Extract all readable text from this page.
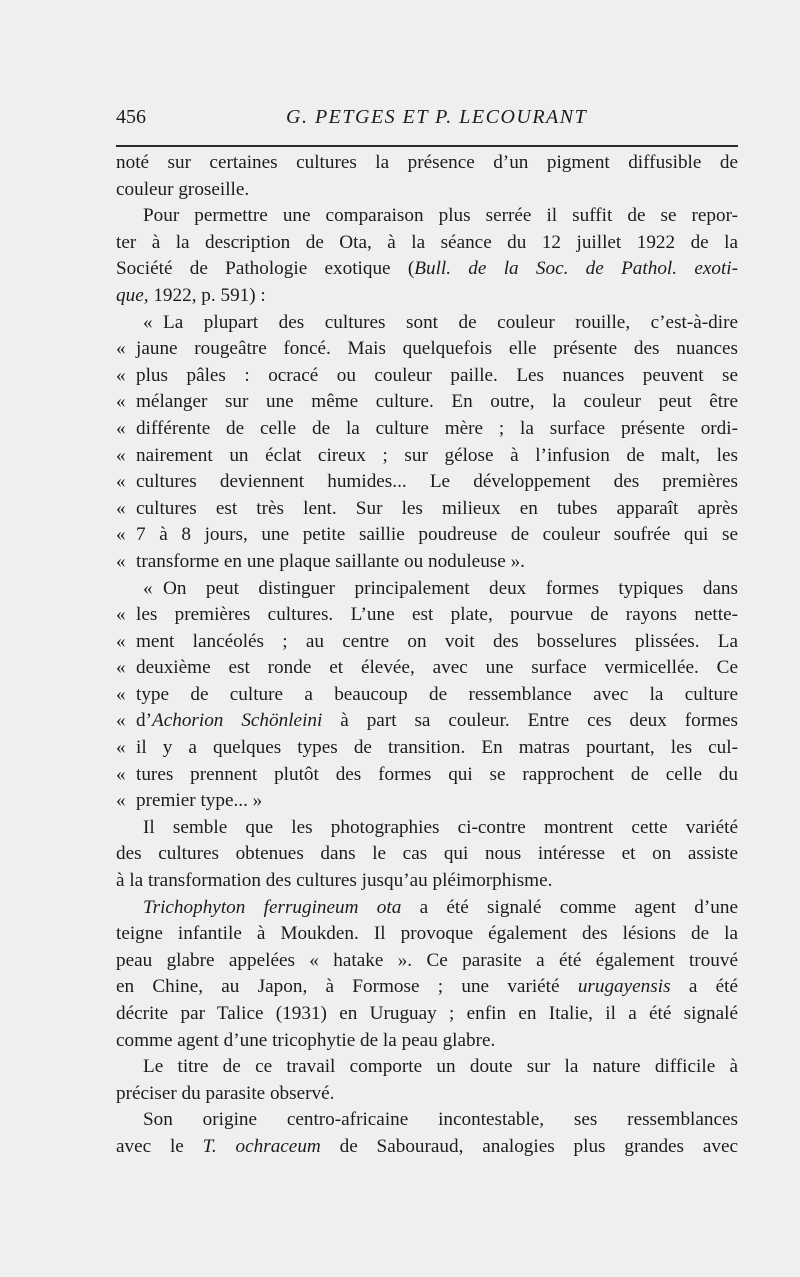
456	G. PETGES ET P. LECOURANT
noté sur certaines cultures la présence d’un pigment diffusible de
couleur groseille.
Pour permettre une comparaison plus serrée il suffit de se repor-
ter à la description de Ota, à la séance du 12 juillet 1922 de la
Société de Pathologie exotique (Bull. de la Soc. de Pathol. exoti-
que, 1922, p. 591) :
« La plupart des cultures sont de couleur rouille, c’est-à-dire
« jaune rougeâtre foncé. Mais quelquefois elle présente des nuances
« plus pâles : ocracé ou couleur paille. Les nuances peuvent se
« mélanger sur une même culture. En outre, la couleur peut être
« différente de celle de la culture mère ; la surface présente ordi-
« nairement un éclat cireux ; sur gélose à l’infusion de malt, les
« cultures deviennent humides... Le développement des premières
« cultures est très lent. Sur les milieux en tubes apparaît après
« 7 à 8 jours, une petite saillie poudreuse de couleur soufrée qui se
« transforme en une plaque saillante ou noduleuse ».
« On peut distinguer principalement deux formes typiques dans
« les premières cultures. L’une est plate, pourvue de rayons nette-
« ment lancéolés ; au centre on voit des bosselures plissées. La
« deuxième est ronde et élevée, avec une surface vermicellée. Ce
« type de culture a beaucoup de ressemblance avec la culture
« d’Achorion Schönleini à part sa couleur. Entre ces deux formes
« il y a quelques types de transition. En matras pourtant, les cul-
« tures prennent plutôt des formes qui se rapprochent de celle du
« premier type... »
Il semble que les photographies ci-contre montrent cette variété
des cultures obtenues dans le cas qui nous intéresse et on assiste
à la transformation des cultures jusqu’au pléimorphisme.
Trichophyton ferrugineum ota a été signalé comme agent d’une
teigne infantile à Moukden. Il provoque également des lésions de la
peau glabre appelées « hatake ». Ce parasite a été également trouvé
en Chine, au Japon, à Formose ; une variété urugayensis a été
décrite par Talice (1931) en Uruguay ; enfin en Italie, il a été signalé
comme agent d’une tricophytie de la peau glabre.
Le titre de ce travail comporte un doute sur la nature difficile à
préciser du parasite observé.
Son origine centro-africaine incontestable, ses ressemblances
avec le T. ochraceum de Sabouraud, analogies plus grandes avec
